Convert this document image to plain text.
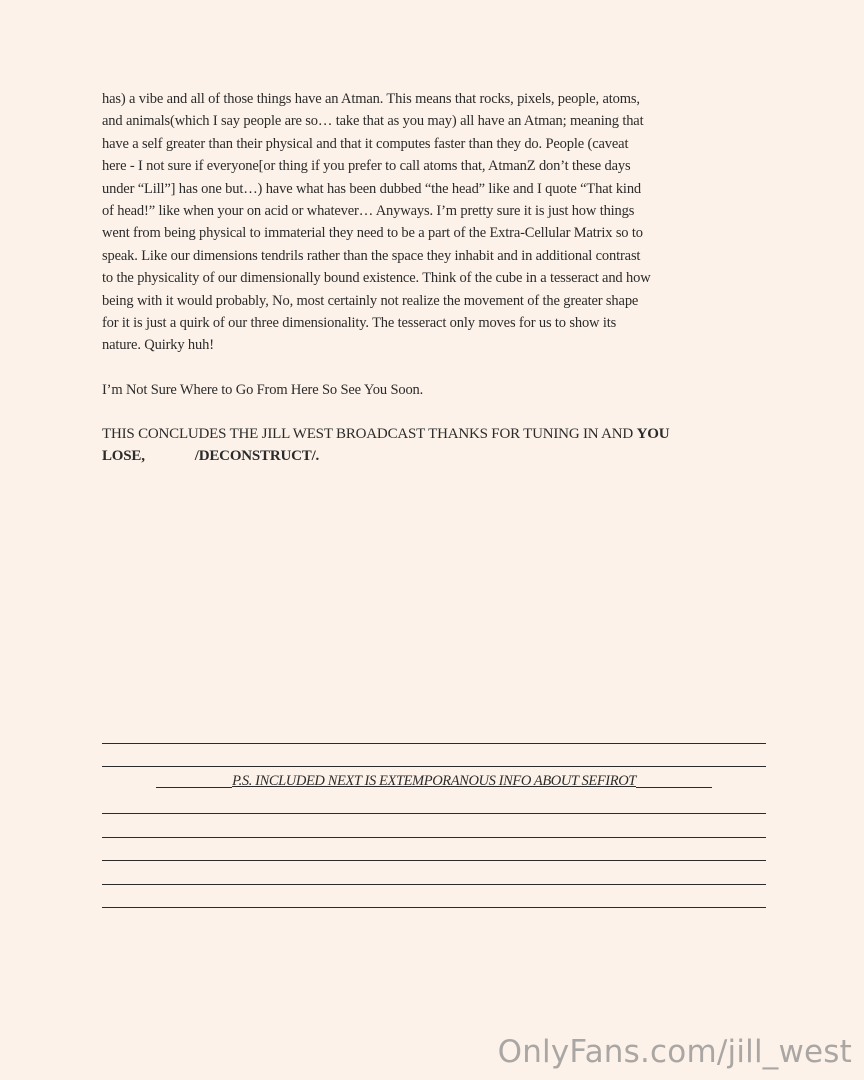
has) a vibe and all of those things have an Atman. This means that rocks, pixels, people, atoms,
and animals(which I say people are so… take that as you may) all have an Atman; meaning that
have a self greater than their physical and that it computes faster than they do. People (caveat
here - I not sure if everyone[or thing if you prefer to call atoms that, AtmanZ don’t these days
under “Lill”] has one but…) have what has been dubbed “the head” like and I quote “That kind
of head!” like when your on acid or whatever… Anyways. I’m pretty sure it is just how things
went from being physical to immaterial they need to be a part of the Extra-Cellular Matrix so to
speak. Like our dimensions tendrils rather than the space they inhabit and in additional contrast
to the physicality of our dimensionally bound existence. Think of the cube in a tesseract and how
being with it would probably, No, most certainly not realize the movement of the greater shape
for it is just a quirk of our three dimensionality. The tesseract only moves for us to show its
nature. Quirky huh!
I’m Not Sure Where to Go From Here So See You Soon.
THIS CONCLUDES THE JILL WEST BROADCAST THANKS FOR TUNING IN AND YOU
LOSE,	/DECONSTRUCT/.
P.S. INCLUDED NEXT IS EXTEMPORANOUS INFO ABOUT SEFIROT
OnlyFans.com/jill_west
